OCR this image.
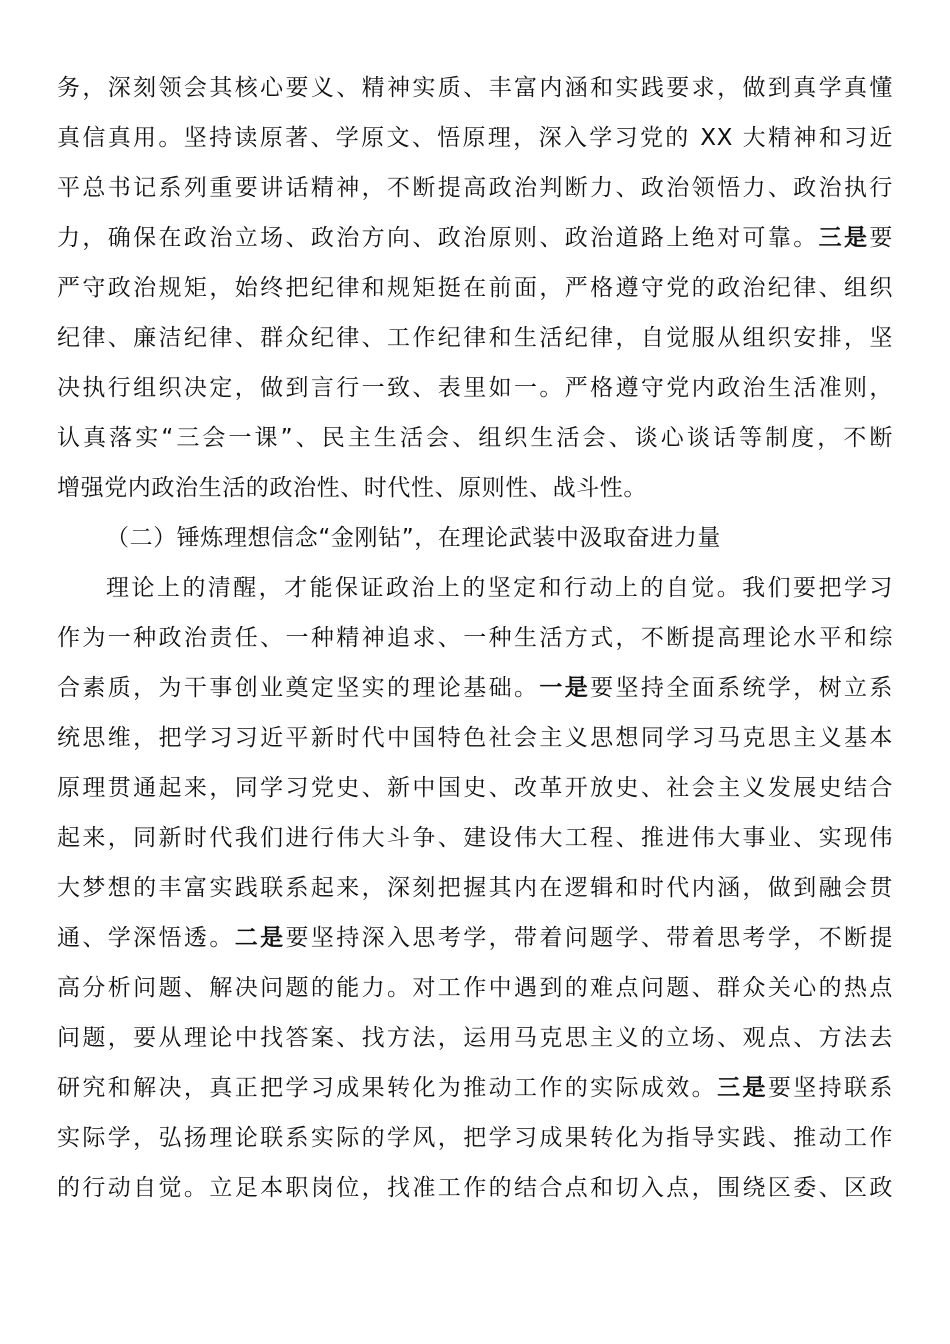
务，深刻领会其核心要义、精神实质、丰富内涵和实践要求，做到真学真懂
真信真用。坚持读原著、学原文、悟原理，深入学习党的 XX 大精神和习近
平总书记系列重要讲话精神，不断提高政治判断力、政治领悟力、政治执行
力，确保在政治立场、政治方向、政治原则、政治道路上绝对可靠。三是要
严守政治规矩，始终把纪律和规矩挺在前面，严格遵守党的政治纪律、组织
纪律、廉洁纪律、群众纪律、工作纪律和生活纪律，自觉服从组织安排，坚
决执行组织决定，做到言行一致、表里如一。严格遵守党内政治生活准则，
认真落实“三会一课”、民主生活会、组织生活会、谈心谈话等制度，不断
增强党内政治生活的政治性、时代性、原则性、战斗性。
（二）锤炼理想信念“金刚钻”，在理论武装中汲取奋进力量
理论上的清醒，才能保证政治上的坚定和行动上的自觉。我们要把学习
作为一种政治责任、一种精神追求、一种生活方式，不断提高理论水平和综
合素质，为干事创业奠定坚实的理论基础。一是要坚持全面系统学，树立系
统思维，把学习习近平新时代中国特色社会主义思想同学习马克思主义基本
原理贯通起来，同学习党史、新中国史、改革开放史、社会主义发展史结合
起来，同新时代我们进行伟大斗争、建设伟大工程、推进伟大事业、实现伟
大梦想的丰富实践联系起来，深刻把握其内在逻辑和时代内涵，做到融会贯
通、学深悟透。二是要坚持深入思考学，带着问题学、带着思考学，不断提
高分析问题、解决问题的能力。对工作中遇到的难点问题、群众关心的热点
问题，要从理论中找答案、找方法，运用马克思主义的立场、观点、方法去
研究和解决，真正把学习成果转化为推动工作的实际成效。三是要坚持联系
实际学，弘扬理论联系实际的学风，把学习成果转化为指导实践、推动工作
的行动自觉。立足本职岗位，找准工作的结合点和切入点，围绕区委、区政
